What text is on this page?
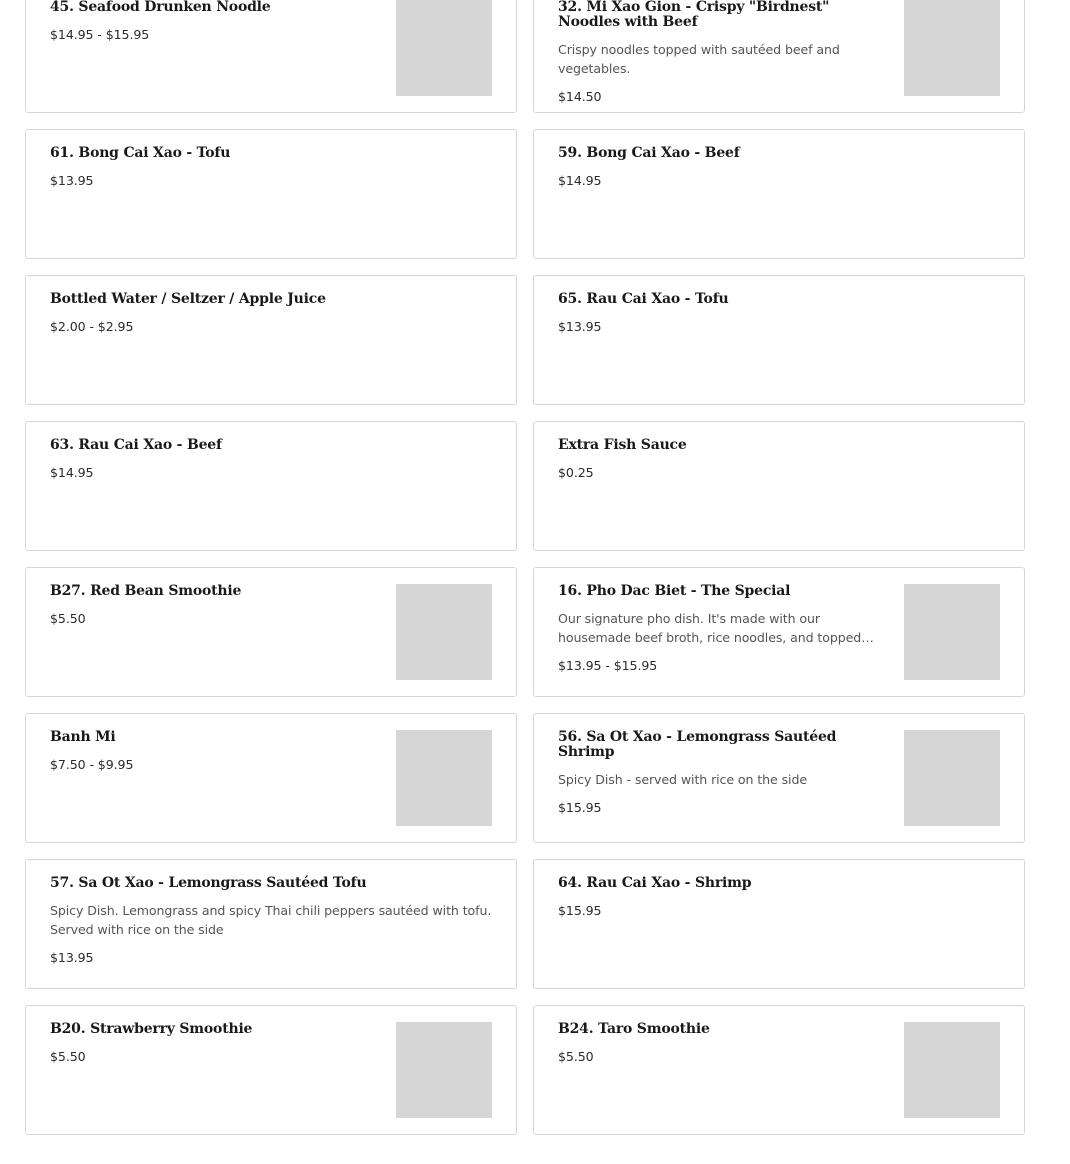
45. Seafood Drunken Noodle

$14.95 - $15.95

32. Mi Xao Gion - Crispy "Birdnest" Noodles with Beef

Crispy noodles topped with sautéed beef and vegetables.

$14.50

61. Bong Cai Xao - Tofu

$13.95

59. Bong Cai Xao - Beef

$14.95

Bottled Water / Seltzer / Apple Juice

$2.00 - $2.95

65. Rau Cai Xao - Tofu

$13.95

63. Rau Cai Xao - Beef

$14.95

Extra Fish Sauce

$0.25

B27. Red Bean Smoothie

$5.50

16. Pho Dac Biet - The Special

Our signature pho dish. It's made with our housemade beef broth, rice noodles, and topped

$13.95 - $15.95

Banh Mi

$7.50 - $9.95

56. Sa Ot Xao - Lemongrass Sautéed Shrimp

Spicy Dish - served with rice on the side

$15.95

57. Sa Ot Xao - Lemongrass Sautéed Tofu

Spicy Dish. Lemongrass and spicy Thai chili peppers sautéed with tofu. Served with rice on the side

$13.95

64. Rau Cai Xao - Shrimp

$15.95

B20. Strawberry Smoothie

$5.50

B24. Taro Smoothie

$5.50
